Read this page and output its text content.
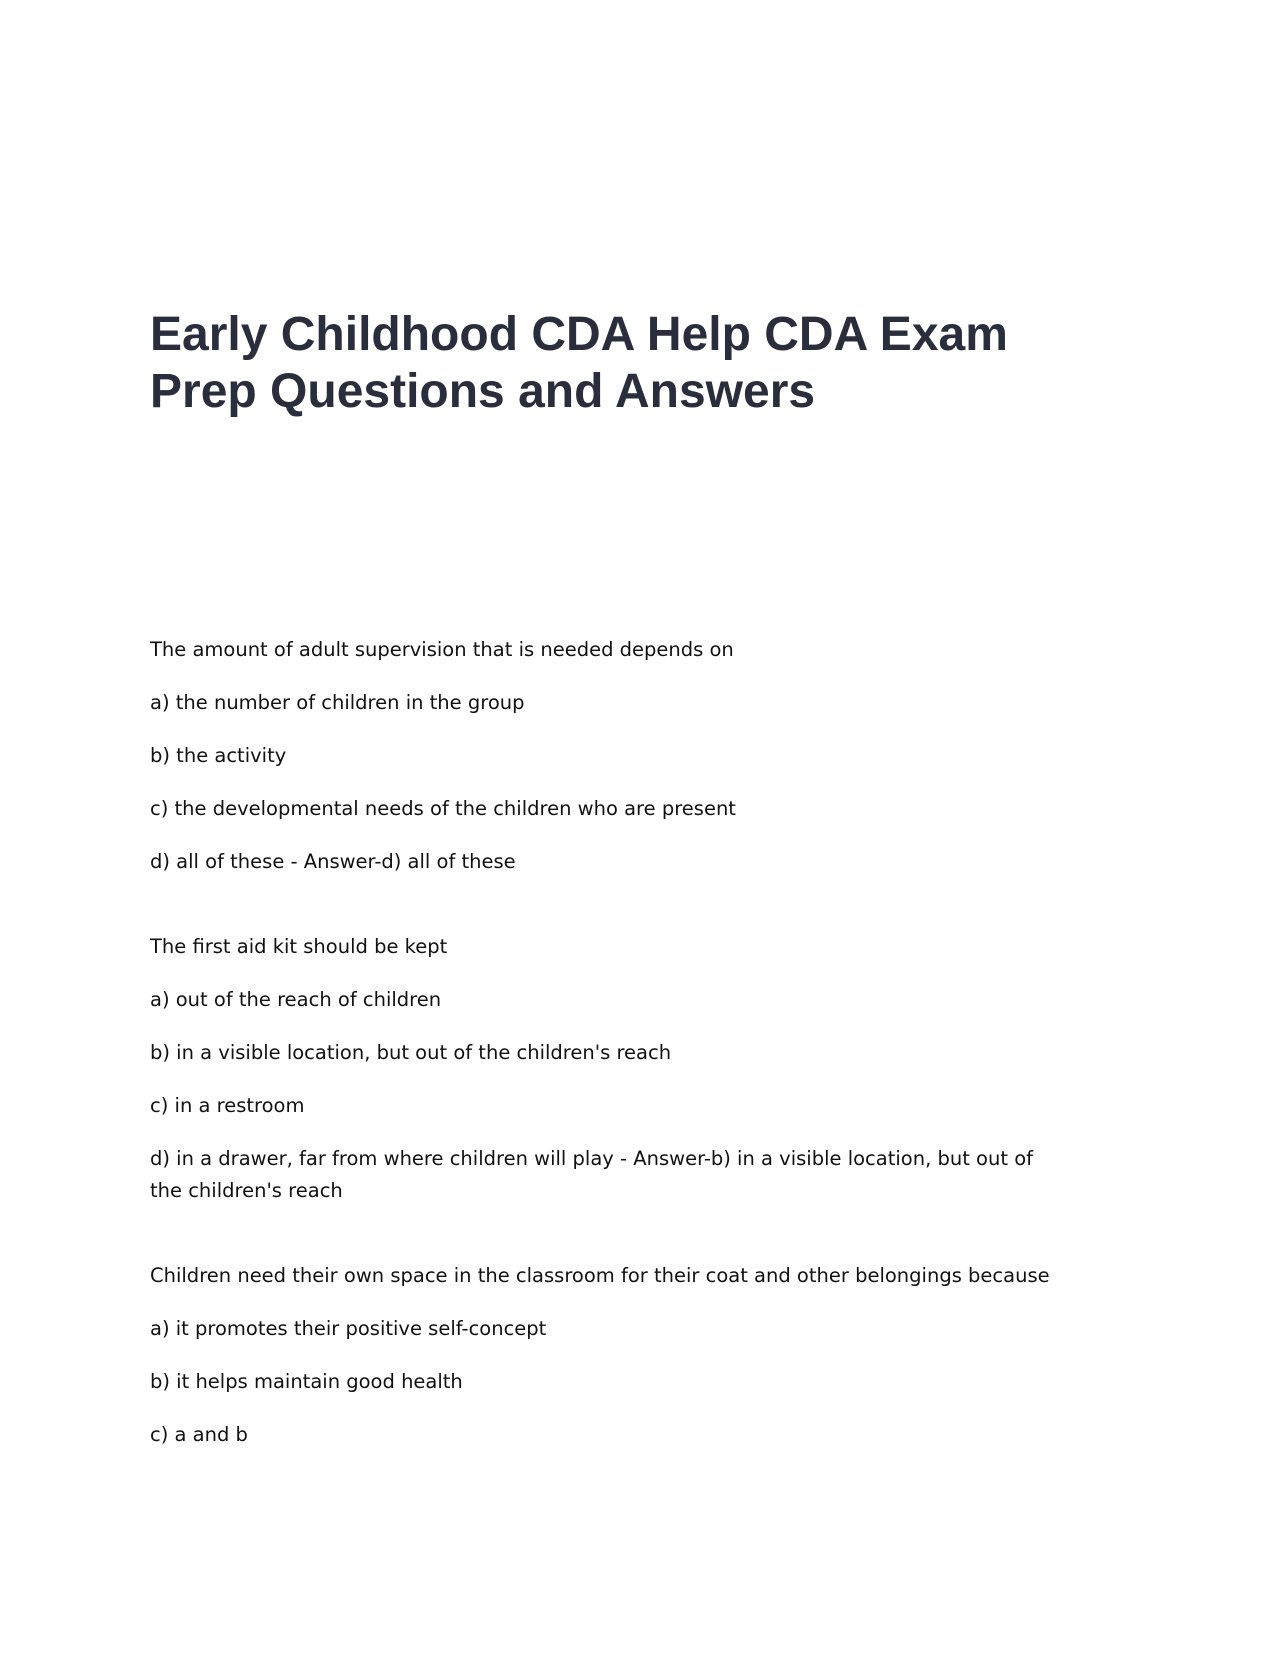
Early Childhood CDA Help CDA Exam Prep Questions and Answers

The amount of adult supervision that is needed depends on

a) the number of children in the group

b) the activity

c) the developmental needs of the children who are present

d) all of these - Answer-d) all of these

The first aid kit should be kept

a) out of the reach of children

b) in a visible location, but out of the children's reach

c) in a restroom

d) in a drawer, far from where children will play - Answer-b) in a visible location, but out of the children's reach

Children need their own space in the classroom for their coat and other belongings because

a) it promotes their positive self-concept

b) it helps maintain good health

c) a and b
